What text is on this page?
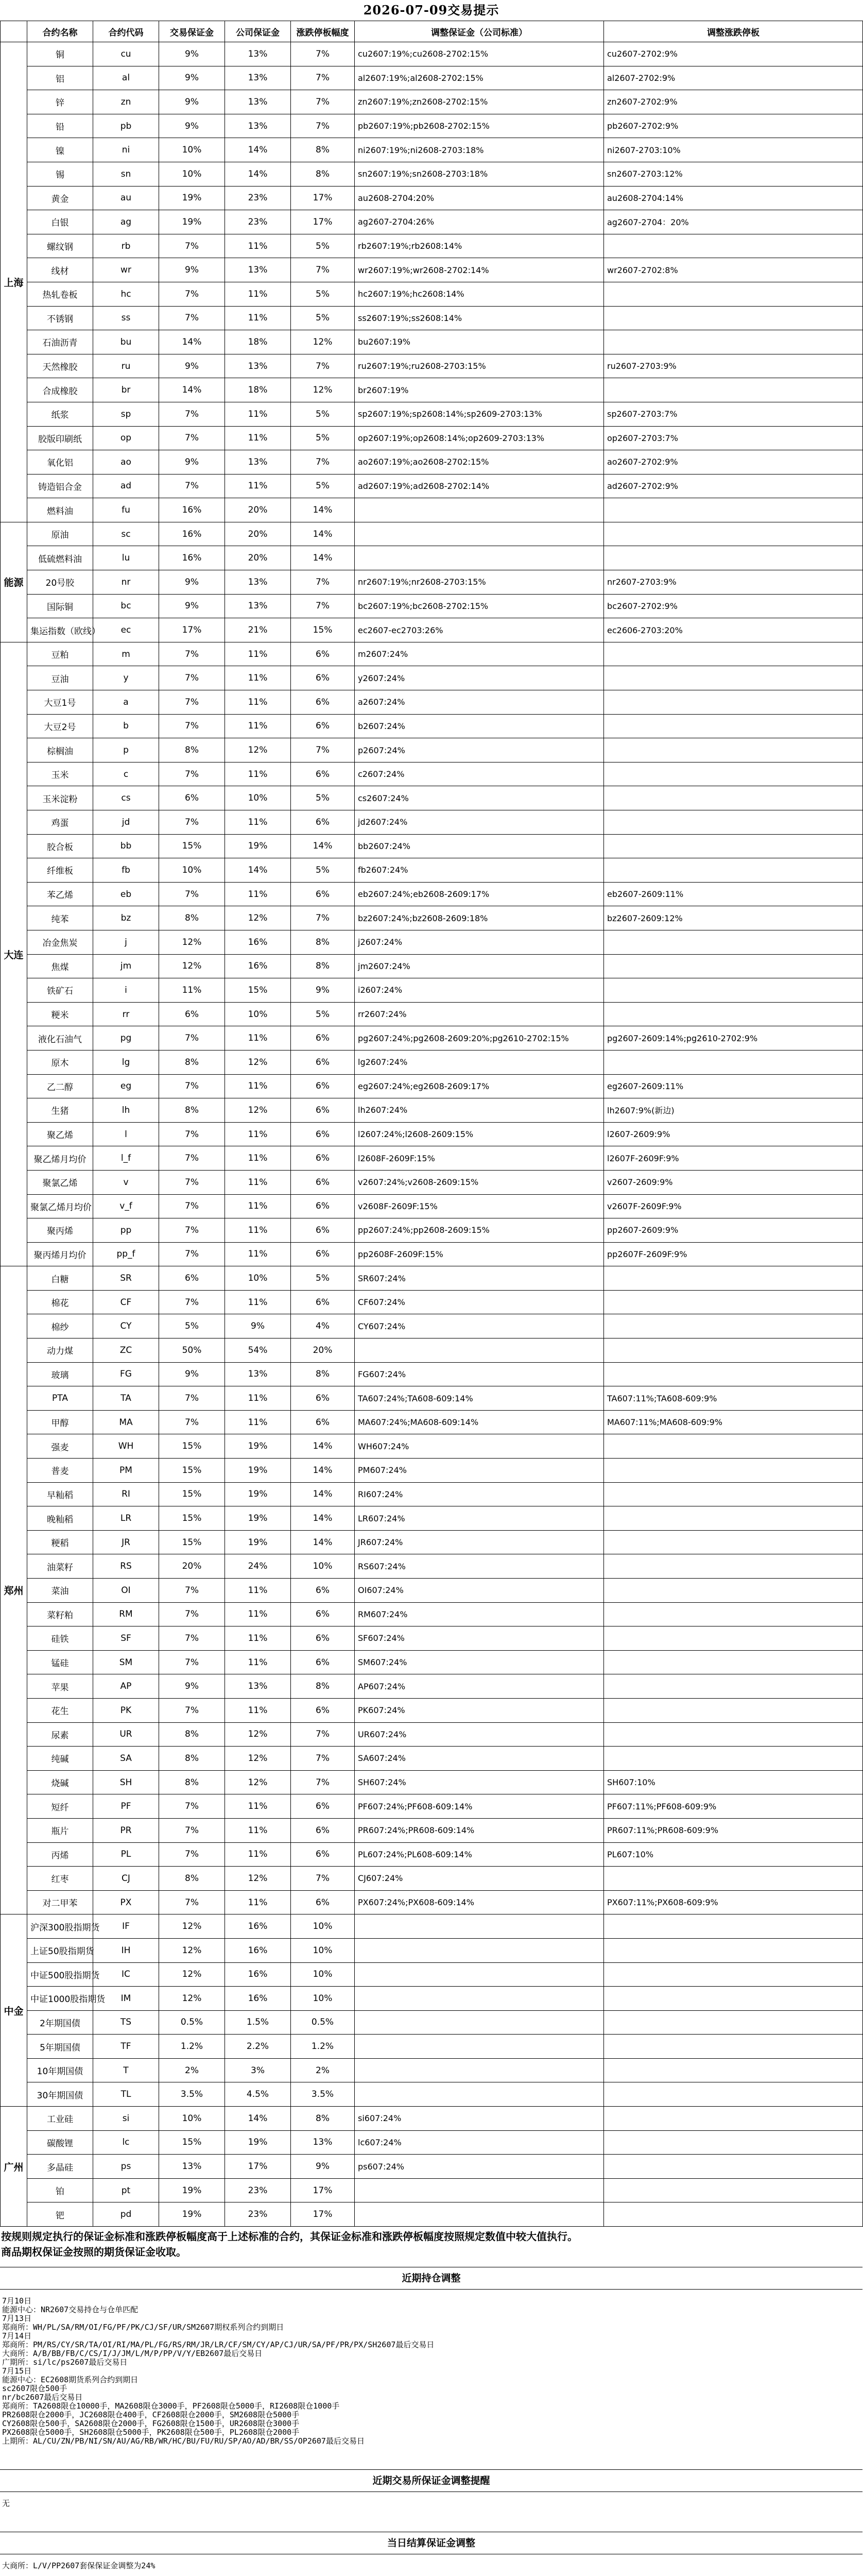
2026-07-09交易提示
	合约名称	合约代码	交易保证金	公司保证金	涨跌停板幅度	调整保证金（公司标准）	调整涨跌停板
上海	铜	cu	9%	13%	7%	cu2607:19%;cu2608-2702:15%	cu2607-2702:9%
	铝	al	9%	13%	7%	al2607:19%;al2608-2702:15%	al2607-2702:9%
	锌	zn	9%	13%	7%	zn2607:19%;zn2608-2702:15%	zn2607-2702:9%
	铅	pb	9%	13%	7%	pb2607:19%;pb2608-2702:15%	pb2607-2702:9%
	镍	ni	10%	14%	8%	ni2607:19%;ni2608-2703:18%	ni2607-2703:10%
	锡	sn	10%	14%	8%	sn2607:19%;sn2608-2703:18%	sn2607-2703:12%
	黄金	au	19%	23%	17%	au2608-2704:20%	au2608-2704:14%
	白银	ag	19%	23%	17%	ag2607-2704:26%	ag2607-2704：20%
	螺纹钢	rb	7%	11%	5%	rb2607:19%;rb2608:14%	
	线材	wr	9%	13%	7%	wr2607:19%;wr2608-2702:14%	wr2607-2702:8%
	热轧卷板	hc	7%	11%	5%	hc2607:19%;hc2608:14%	
	不锈钢	ss	7%	11%	5%	ss2607:19%;ss2608:14%	
	石油沥青	bu	14%	18%	12%	bu2607:19%	
	天然橡胶	ru	9%	13%	7%	ru2607:19%;ru2608-2703:15%	ru2607-2703:9%
	合成橡胶	br	14%	18%	12%	br2607:19%	
	纸浆	sp	7%	11%	5%	sp2607:19%;sp2608:14%;sp2609-2703:13%	sp2607-2703:7%
	胶版印刷纸	op	7%	11%	5%	op2607:19%;op2608:14%;op2609-2703:13%	op2607-2703:7%
	氧化铝	ao	9%	13%	7%	ao2607:19%;ao2608-2702:15%	ao2607-2702:9%
	铸造铝合金	ad	7%	11%	5%	ad2607:19%;ad2608-2702:14%	ad2607-2702:9%
	燃料油	fu	16%	20%	14%		
能源	原油	sc	16%	20%	14%		
	低硫燃料油	lu	16%	20%	14%		
	20号胶	nr	9%	13%	7%	nr2607:19%;nr2608-2703:15%	nr2607-2703:9%
	国际铜	bc	9%	13%	7%	bc2607:19%;bc2608-2702:15%	bc2607-2702:9%
	集运指数（欧线）	ec	17%	21%	15%	ec2607-ec2703:26%	ec2606-2703:20%
大连	豆粕	m	7%	11%	6%	m2607:24%	
	豆油	y	7%	11%	6%	y2607:24%	
	大豆1号	a	7%	11%	6%	a2607:24%	
	大豆2号	b	7%	11%	6%	b2607:24%	
	棕榈油	p	8%	12%	7%	p2607:24%	
	玉米	c	7%	11%	6%	c2607:24%	
	玉米淀粉	cs	6%	10%	5%	cs2607:24%	
	鸡蛋	jd	7%	11%	6%	jd2607:24%	
	胶合板	bb	15%	19%	14%	bb2607:24%	
	纤维板	fb	10%	14%	5%	fb2607:24%	
	苯乙烯	eb	7%	11%	6%	eb2607:24%;eb2608-2609:17%	eb2607-2609:11%
	纯苯	bz	8%	12%	7%	bz2607:24%;bz2608-2609:18%	bz2607-2609:12%
	冶金焦炭	j	12%	16%	8%	j2607:24%	
	焦煤	jm	12%	16%	8%	jm2607:24%	
	铁矿石	i	11%	15%	9%	i2607:24%	
	粳米	rr	6%	10%	5%	rr2607:24%	
	液化石油气	pg	7%	11%	6%	pg2607:24%;pg2608-2609:20%;pg2610-2702:15%	pg2607-2609:14%;pg2610-2702:9%
	原木	lg	8%	12%	6%	lg2607:24%	
	乙二醇	eg	7%	11%	6%	eg2607:24%;eg2608-2609:17%	eg2607-2609:11%
	生猪	lh	8%	12%	6%	lh2607:24%	lh2607:9%(新边)
	聚乙烯	l	7%	11%	6%	l2607:24%;l2608-2609:15%	l2607-2609:9%
	聚乙烯月均价	l_f	7%	11%	6%	l2608F-2609F:15%	l2607F-2609F:9%
	聚氯乙烯	v	7%	11%	6%	v2607:24%;v2608-2609:15%	v2607-2609:9%
	聚氯乙烯月均价	v_f	7%	11%	6%	v2608F-2609F:15%	v2607F-2609F:9%
	聚丙烯	pp	7%	11%	6%	pp2607:24%;pp2608-2609:15%	pp2607-2609:9%
	聚丙烯月均价	pp_f	7%	11%	6%	pp2608F-2609F:15%	pp2607F-2609F:9%
郑州	白糖	SR	6%	10%	5%	SR607:24%	
	棉花	CF	7%	11%	6%	CF607:24%	
	棉纱	CY	5%	9%	4%	CY607:24%	
	动力煤	ZC	50%	54%	20%		
	玻璃	FG	9%	13%	8%	FG607:24%	
	PTA	TA	7%	11%	6%	TA607:24%;TA608-609:14%	TA607:11%;TA608-609:9%
	甲醇	MA	7%	11%	6%	MA607:24%;MA608-609:14%	MA607:11%;MA608-609:9%
	强麦	WH	15%	19%	14%	WH607:24%	
	普麦	PM	15%	19%	14%	PM607:24%	
	早籼稻	RI	15%	19%	14%	RI607:24%	
	晚籼稻	LR	15%	19%	14%	LR607:24%	
	粳稻	JR	15%	19%	14%	JR607:24%	
	油菜籽	RS	20%	24%	10%	RS607:24%	
	菜油	OI	7%	11%	6%	OI607:24%	
	菜籽粕	RM	7%	11%	6%	RM607:24%	
	硅铁	SF	7%	11%	6%	SF607:24%	
	锰硅	SM	7%	11%	6%	SM607:24%	
	苹果	AP	9%	13%	8%	AP607:24%	
	花生	PK	7%	11%	6%	PK607:24%	
	尿素	UR	8%	12%	7%	UR607:24%	
	纯碱	SA	8%	12%	7%	SA607:24%	
	烧碱	SH	8%	12%	7%	SH607:24%	SH607:10%
	短纤	PF	7%	11%	6%	PF607:24%;PF608-609:14%	PF607:11%;PF608-609:9%
	瓶片	PR	7%	11%	6%	PR607:24%;PR608-609:14%	PR607:11%;PR608-609:9%
	丙烯	PL	7%	11%	6%	PL607:24%;PL608-609:14%	PL607:10%
	红枣	CJ	8%	12%	7%	CJ607:24%	
	对二甲苯	PX	7%	11%	6%	PX607:24%;PX608-609:14%	PX607:11%;PX608-609:9%
中金	沪深300股指期货	IF	12%	16%	10%		
	上证50股指期货	IH	12%	16%	10%		
	中证500股指期货	IC	12%	16%	10%		
	中证1000股指期货	IM	12%	16%	10%		
	2年期国债	TS	0.5%	1.5%	0.5%		
	5年期国债	TF	1.2%	2.2%	1.2%		
	10年期国债	T	2%	3%	2%		
	30年期国债	TL	3.5%	4.5%	3.5%		
广州	工业硅	si	10%	14%	8%	si607:24%	
	碳酸锂	lc	15%	19%	13%	lc607:24%	
	多晶硅	ps	13%	17%	9%	ps607:24%	
	铂	pt	19%	23%	17%		
	钯	pd	19%	23%	17%		
按规则规定执行的保证金标准和涨跌停板幅度高于上述标准的合约，其保证金标准和涨跌停板幅度按照规定数值中较大值执行。
商品期权保证金按照的期货保证金收取。
近期持仓调整
7月10日
能源中心：NR2607交易持仓与仓单匹配
7月13日
郑商所：WH/PL/SA/RM/OI/FG/PF/PK/CJ/SF/UR/SM2607期权系列合约到期日
7月14日
郑商所：PM/RS/CY/SR/TA/OI/RI/MA/PL/FG/RS/RM/JR/LR/CF/SM/CY/AP/CJ/UR/SA/PF/PR/PX/SH2607最后交易日
大商所：A/B/BB/FB/C/CS/I/J/JM/L/M/P/PP/V/Y/EB2607最后交易日
广期所：si/lc/ps2607最后交易日
7月15日
能源中心：EC2608期货系列合约到期日
sc2607限仓500手
nr/bc2607最后交易日
郑商所：TA2608限仓10000手，MA2608限仓3000手，PF2608限仓5000手，RI2608限仓1000手
PR2608限仓2000手，JC2608限仓400手，CF2608限仓2000手，SM2608限仓5000手
CY2608限仓500手，SA2608限仓2000手，FG2608限仓1500手，UR2608限仓3000手
PX2608限仓5000手，SH2608限仓5000手，PK2608限仓500手，PL2608限仓2000手
上期所：AL/CU/ZN/PB/NI/SN/AU/AG/RB/WR/HC/BU/FU/RU/SP/AO/AD/BR/SS/OP2607最后交易日
近期交易所保证金调整提醒
无
当日结算保证金调整
大商所：L/V/PP2607套保保证金调整为24%
